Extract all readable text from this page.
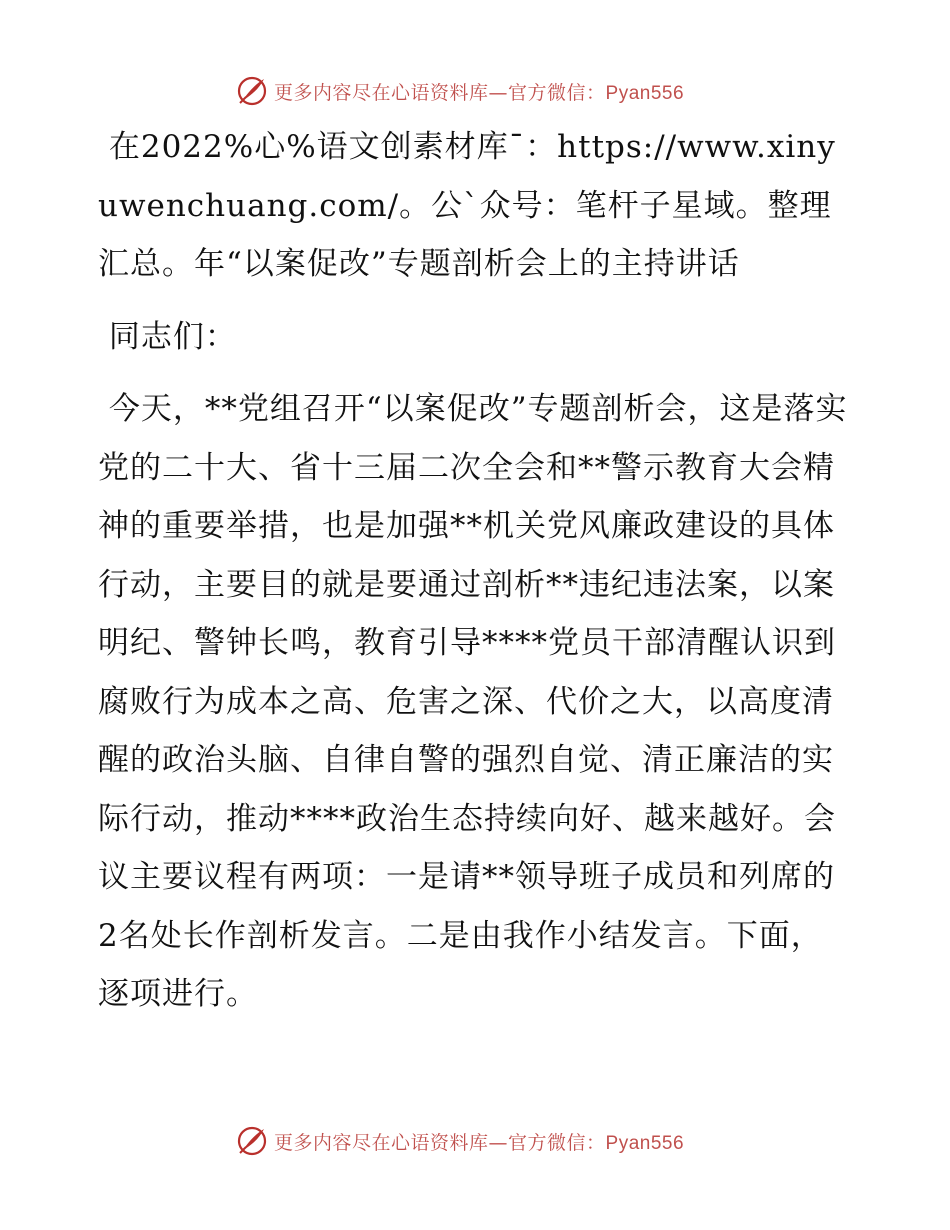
更多内容尽在心语资料库—官方微信：Pyan556

在2022%心%语文创素材库¯：https://www.xinyuwenchuang.com/。公`众号：笔杆子星域。整理汇总。年“以案促改”专题剖析会上的主持讲话

同志们：

今天，**党组召开“以案促改”专题剖析会，这是落实党的二十大、省十三届二次全会和**警示教育大会精神的重要举措，也是加强**机关党风廉政建设的具体行动，主要目的就是要通过剖析**违纪违法案，以案明纪、警钟长鸣，教育引导****党员干部清醒认识到腐败行为成本之高、危害之深、代价之大，以高度清醒的政治头脑、自律自警的强烈自觉、清正廉洁的实际行动，推动****政治生态持续向好、越来越好。会议主要议程有两项：一是请**领导班子成员和列席的2名处长作剖析发言。二是由我作小结发言。下面，逐项进行。

更多内容尽在心语资料库—官方微信：Pyan556
